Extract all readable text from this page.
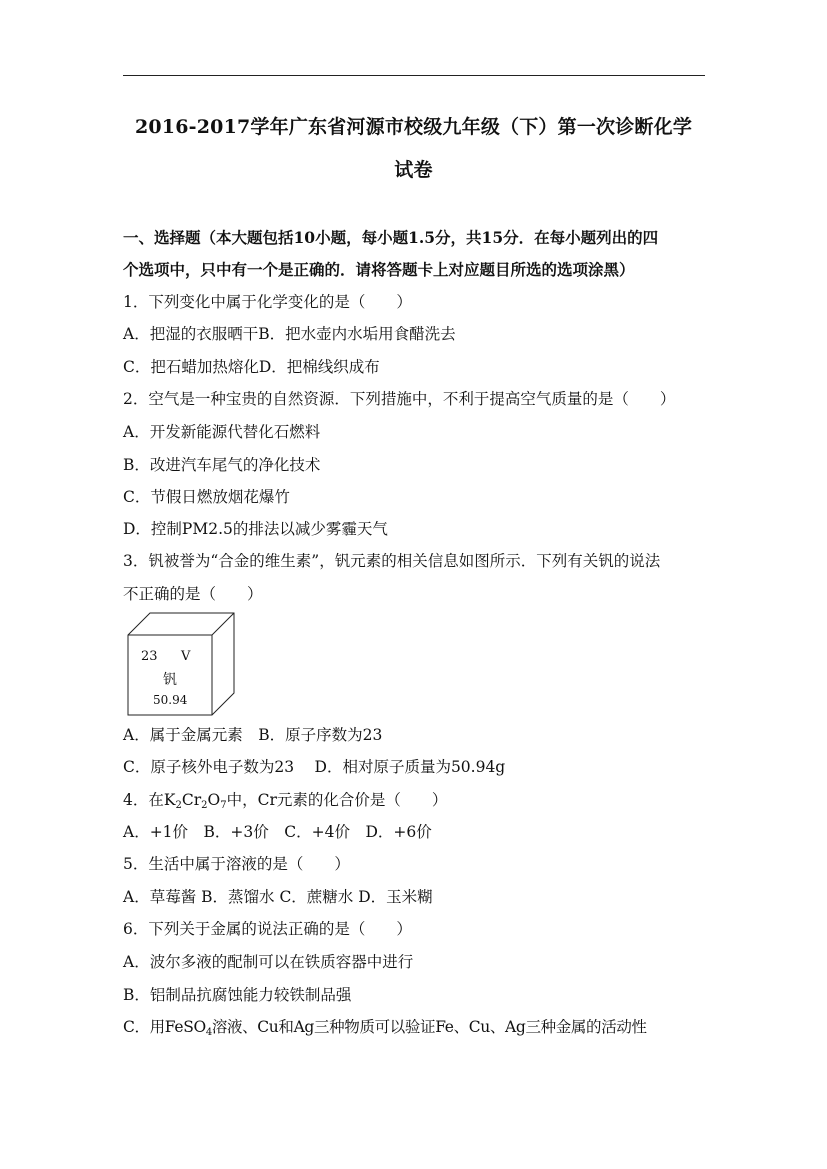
2016-2017学年广东省河源市校级九年级（下）第一次诊断化学
试卷
一、选择题（本大题包括10小题，每小题1.5分，共15分．在每小题列出的四
个选项中，只中有一个是正确的．请将答题卡上对应题目所选的选项涂黑）
1．下列变化中属于化学变化的是（　　）
A．把湿的衣服晒干B．把水壶内水垢用食醋洗去
C．把石蜡加热熔化D．把棉线织成布
2．空气是一种宝贵的自然资源．下列措施中，不利于提高空气质量的是（　　）
A．开发新能源代替化石燃料
B．改进汽车尾气的净化技术
C．节假日燃放烟花爆竹
D．控制PM2.5的排法以减少雾霾天气
3．钒被誉为“合金的维生素”，钒元素的相关信息如图所示．下列有关钒的说法
不正确的是（　　）
23 V
钒
50.94
A．属于金属元素　B．原子序数为23
C．原子核外电子数为23　 D．相对原子质量为50.94g
4．在$K_2Cr_2O_7$中，Cr元素的化合价是（　　）
A．+1价　B．+3价　C．+4价　D．+6价
5．生活中属于溶液的是（　　）
A．草莓酱 B．蒸馏水 C．蔗糖水 D．玉米糊
6．下列关于金属的说法正确的是（　　）
A．波尔多液的配制可以在铁质容器中进行
B．铝制品抗腐蚀能力较铁制品强
C．用FeSO$_4$溶液、Cu和Ag三种物质可以验证Fe、Cu、Ag三种金属的活动性
